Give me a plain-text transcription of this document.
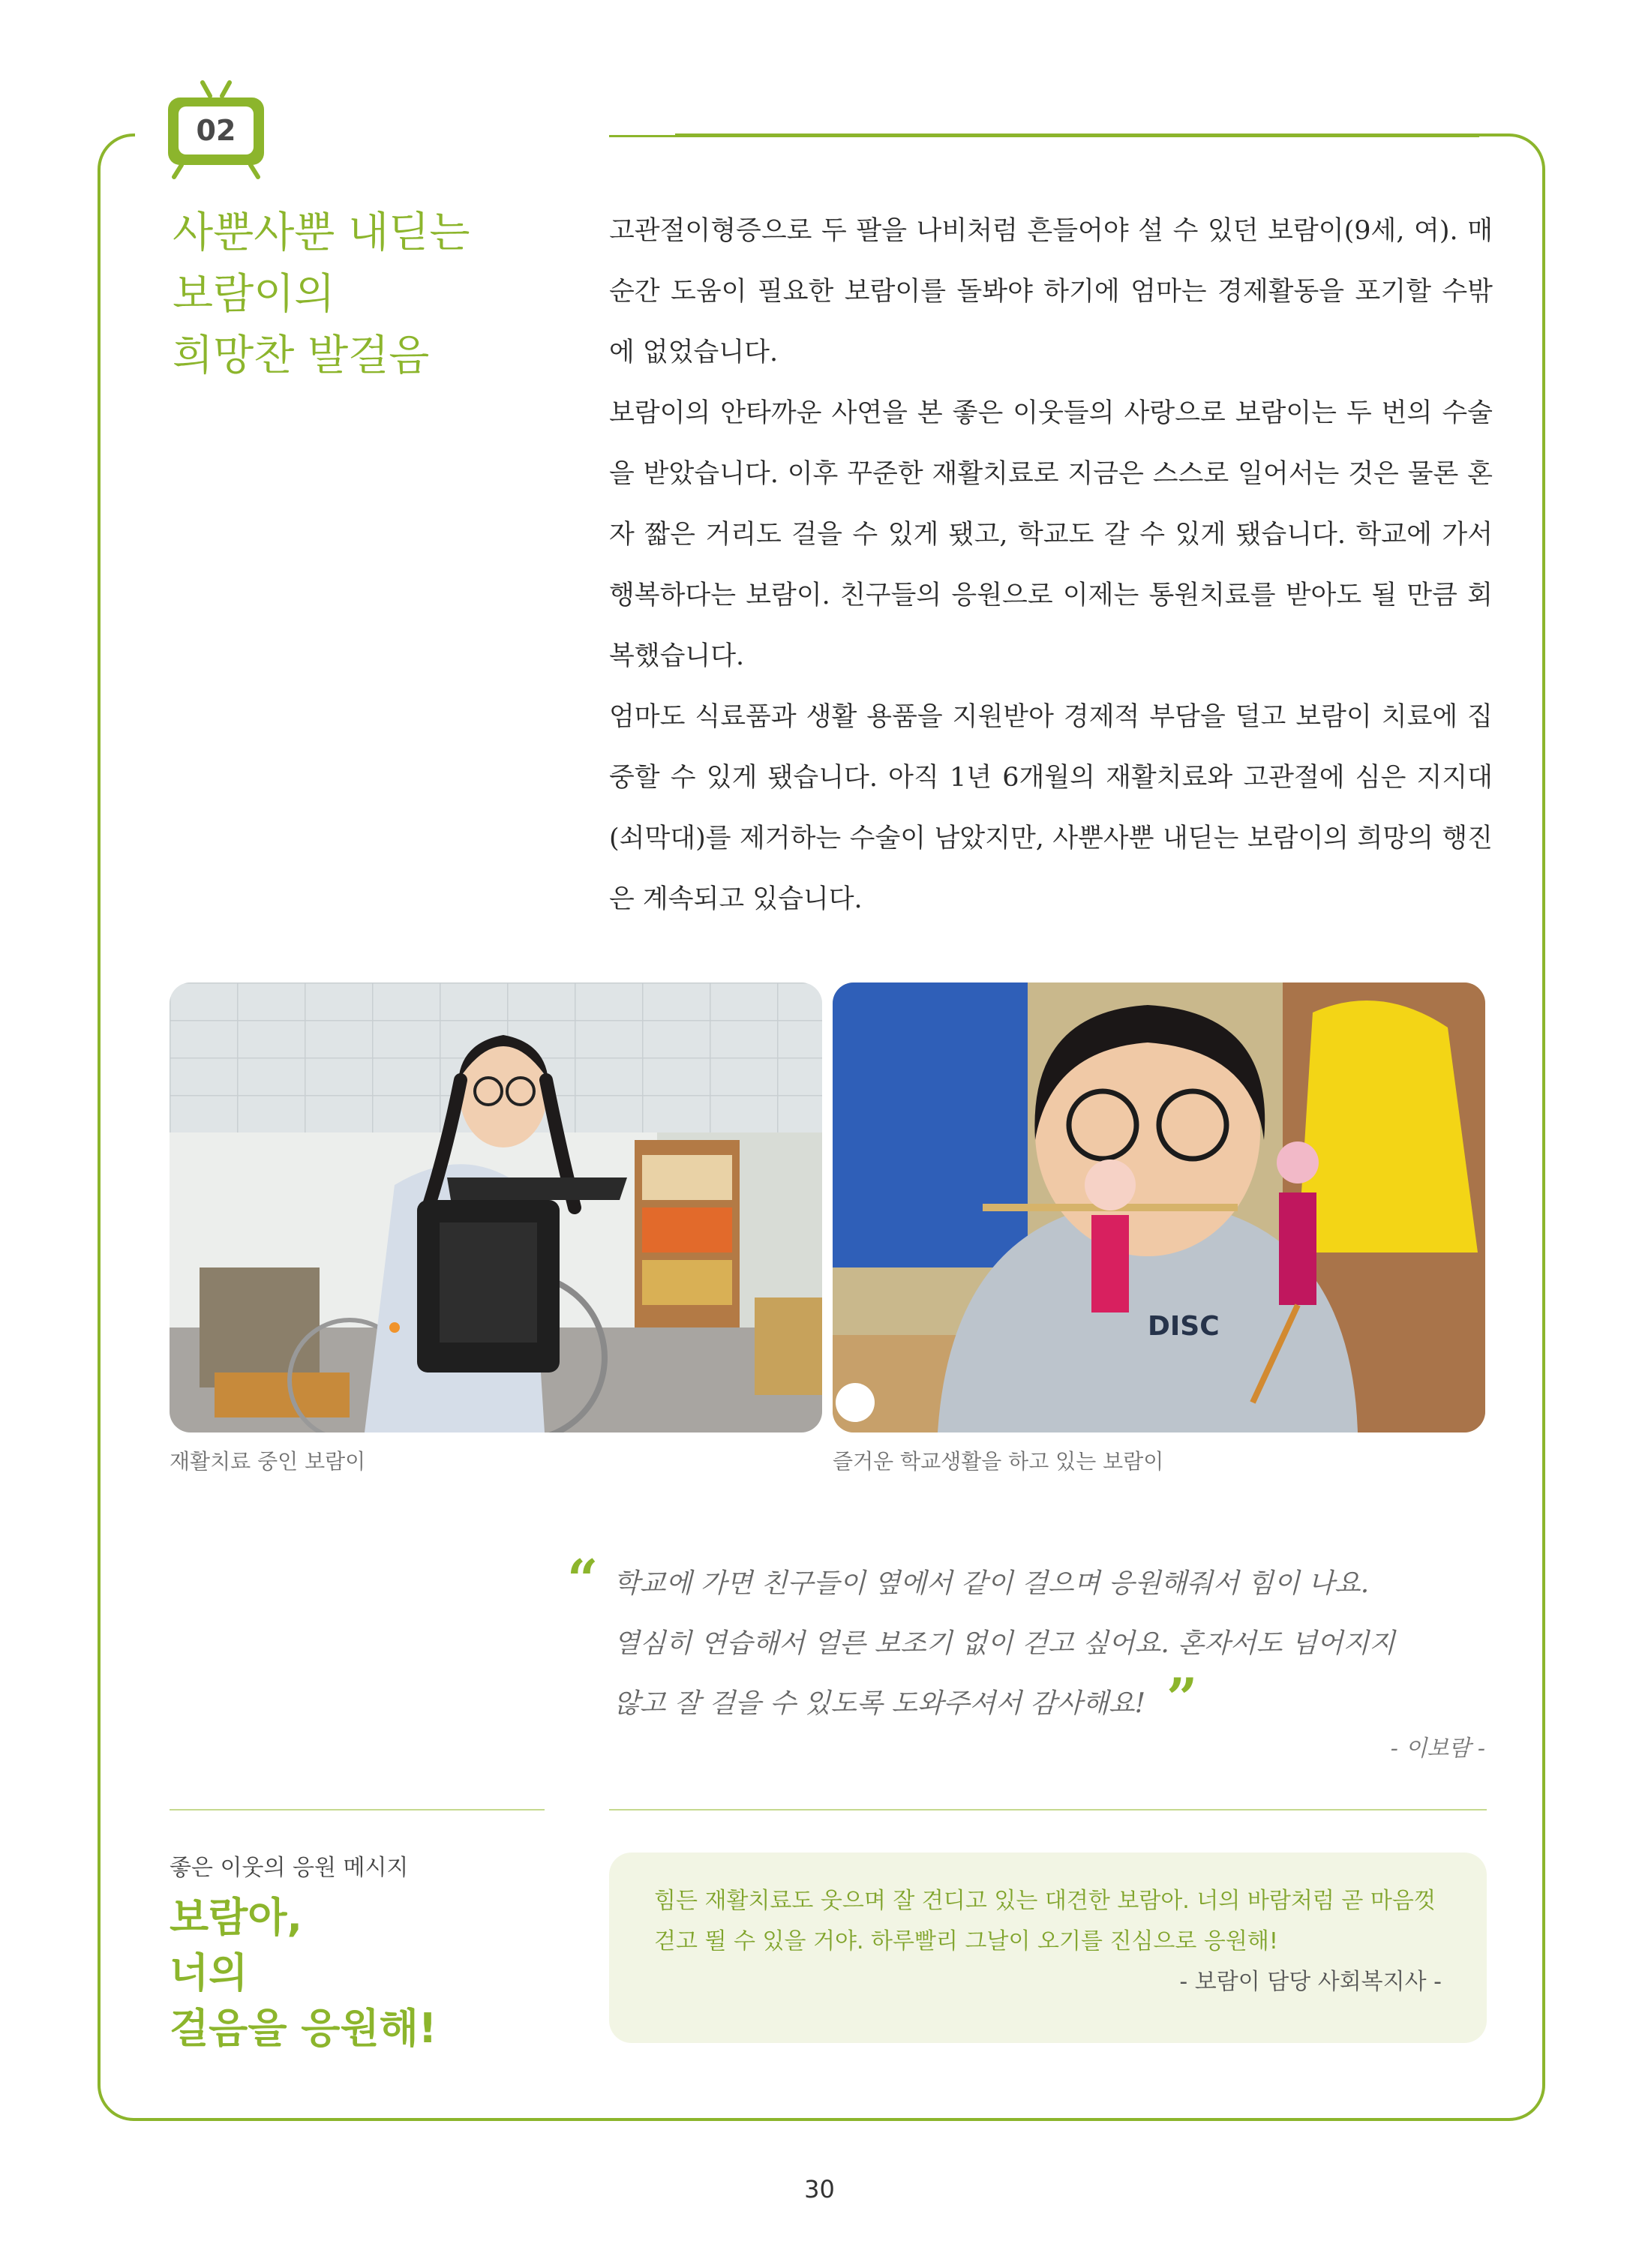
02
사뿐사뿐 내딛는
보람이의
희망찬 발걸음

고관절이형증으로 두 팔을 나비처럼 흔들어야 설 수 있던 보람이(9세, 여). 매 순간 도움이 필요한 보람이를 돌봐야 하기에 엄마는 경제활동을 포기할 수밖에 없었습니다.

보람이의 안타까운 사연을 본 좋은 이웃들의 사랑으로 보람이는 두 번의 수술을 받았습니다. 이후 꾸준한 재활치료로 지금은 스스로 일어서는 것은 물론 혼자 짧은 거리도 걸을 수 있게 됐고, 학교도 갈 수 있게 됐습니다. 학교에 가서 행복하다는 보람이. 친구들의 응원으로 이제는 통원치료를 받아도 될 만큼 회복했습니다.

엄마도 식료품과 생활 용품을 지원받아 경제적 부담을 덜고 보람이 치료에 집중할 수 있게 됐습니다. 아직 1년 6개월의 재활치료와 고관절에 심은 지지대(쇠막대)를 제거하는 수술이 남았지만, 사뿐사뿐 내딛는 보람이의 희망의 행진은 계속되고 있습니다.

DISC
재활치료 중인 보람이	즐거운 학교생활을 하고 있는 보람이
“ 학교에 가면 친구들이 옆에서 같이 걸으며 응원해줘서 힘이 나요.
열심히 연습해서 얼른 보조기 없이 걷고 싶어요. 혼자서도 넘어지지
않고 잘 걸을 수 있도록 도와주셔서 감사해요! ”
- 이보람 -
좋은 이웃의 응원 메시지
보람아,
너의
걸음을 응원해!
힘든 재활치료도 웃으며 잘 견디고 있는 대견한 보람아. 너의 바람처럼 곧 마음껏
걷고 뛸 수 있을 거야. 하루빨리 그날이 오기를 진심으로 응원해!
- 보람이 담당 사회복지사 -
30
